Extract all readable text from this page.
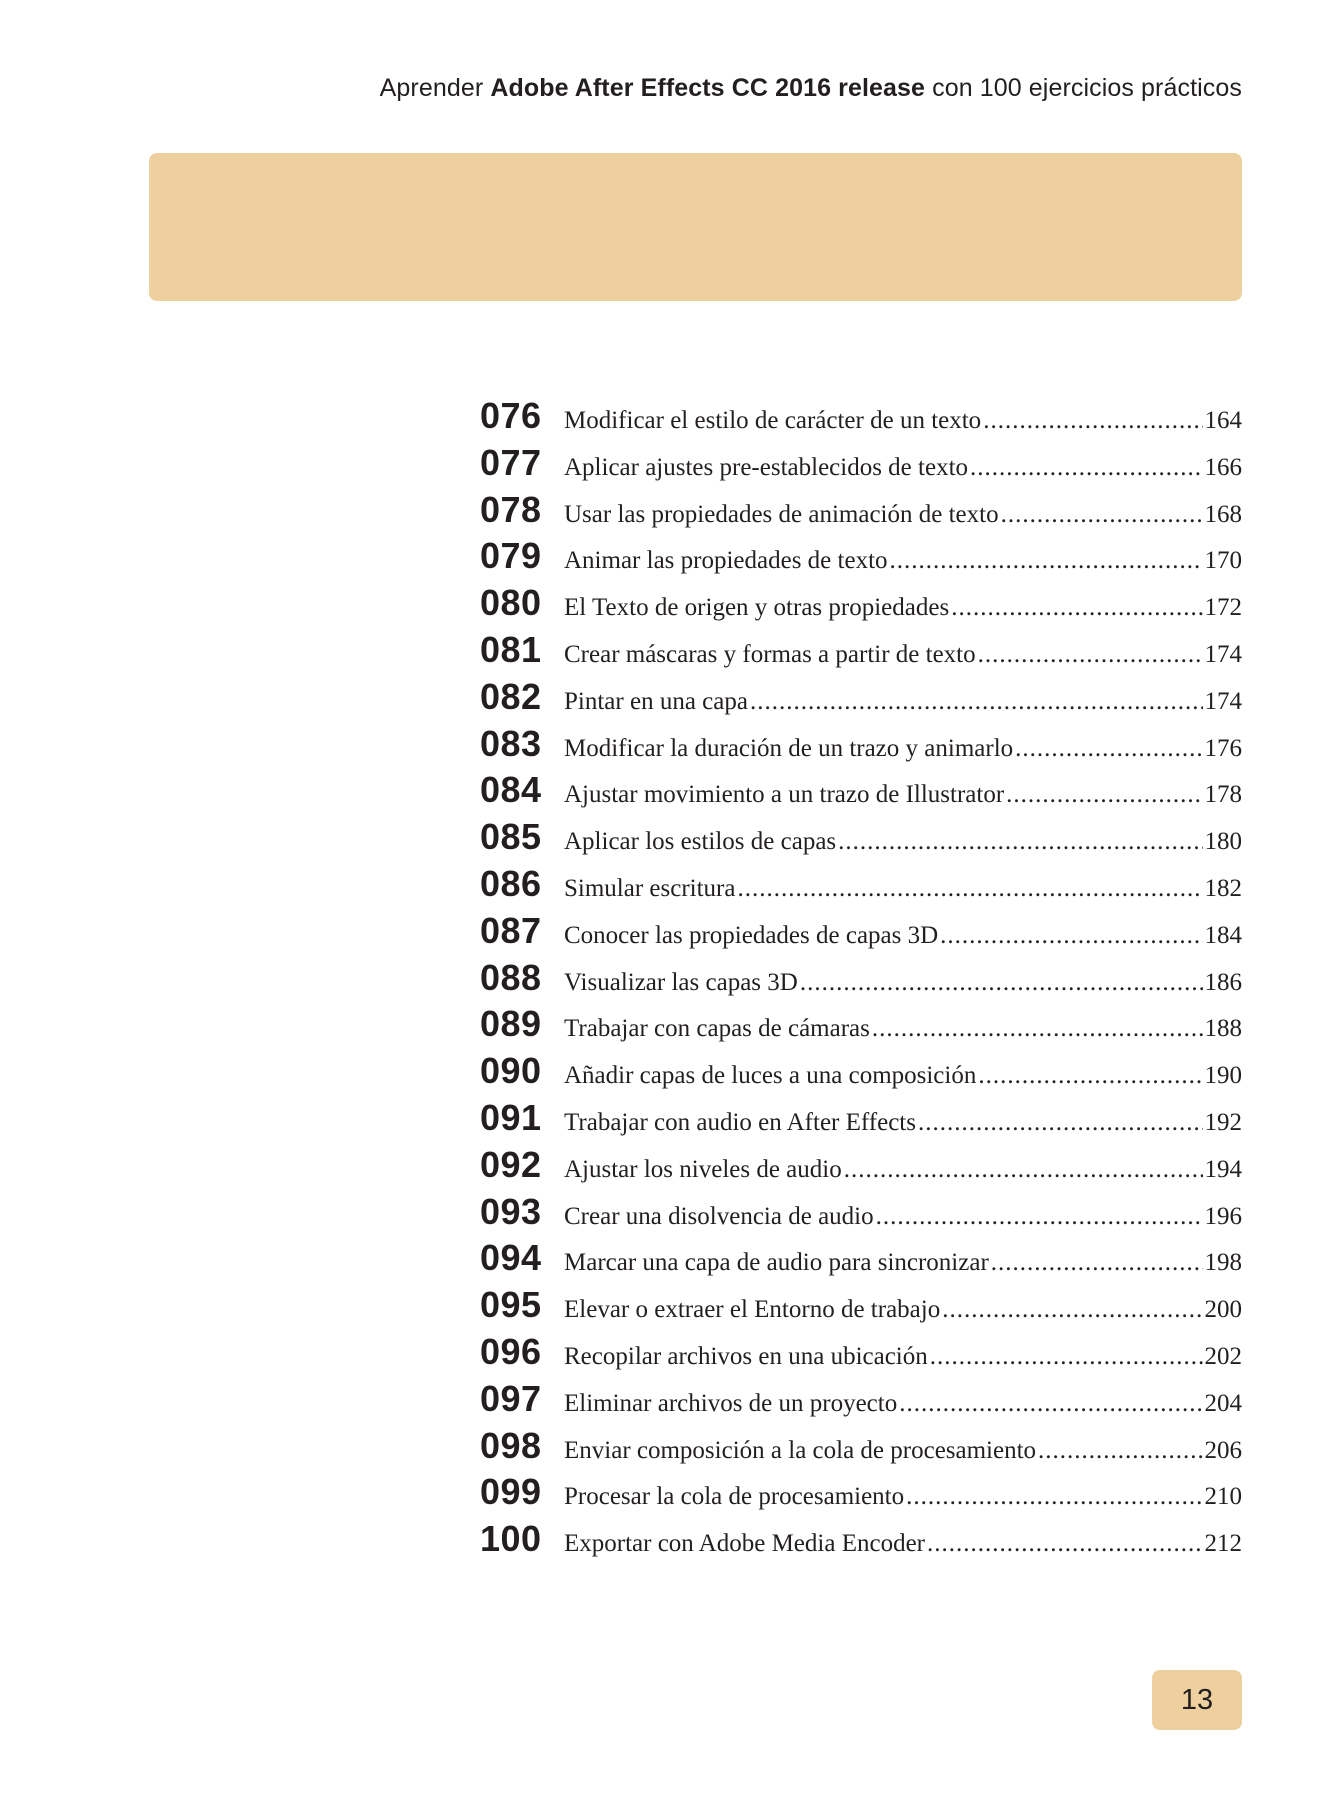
Aprender Adobe After Effects CC 2016 release con 100 ejercicios prácticos
076 Modificar el estilo de carácter de un texto .....	164
077 Aplicar ajustes pre-establecidos de texto .....	166
078 Usar las propiedades de animación de texto .....	168
079 Animar las propiedades de texto .....	170
080 El Texto de origen y otras propiedades .....	172
081 Crear máscaras y formas a partir de texto .....	174
082 Pintar en una capa .....	174
083 Modificar la duración de un trazo y animarlo .....	176
084 Ajustar movimiento a un trazo de Illustrator .....	178
085 Aplicar los estilos de capas .....	180
086 Simular escritura .....	182
087 Conocer las propiedades de capas 3D .....	184
088 Visualizar las capas 3D .....	186
089 Trabajar con capas de cámaras .....	188
090 Añadir capas de luces a una composición .....	190
091 Trabajar con audio en After Effects .....	192
092 Ajustar los niveles de audio .....	194
093 Crear una disolvencia de audio .....	196
094 Marcar una capa de audio para sincronizar .....	198
095 Elevar o extraer el Entorno de trabajo .....	200
096 Recopilar archivos en una ubicación .....	202
097 Eliminar archivos de un proyecto .....	204
098 Enviar composición a la cola de procesamiento .....	206
099 Procesar la cola de procesamiento .....	210
100 Exportar con Adobe Media Encoder .....	212
13
